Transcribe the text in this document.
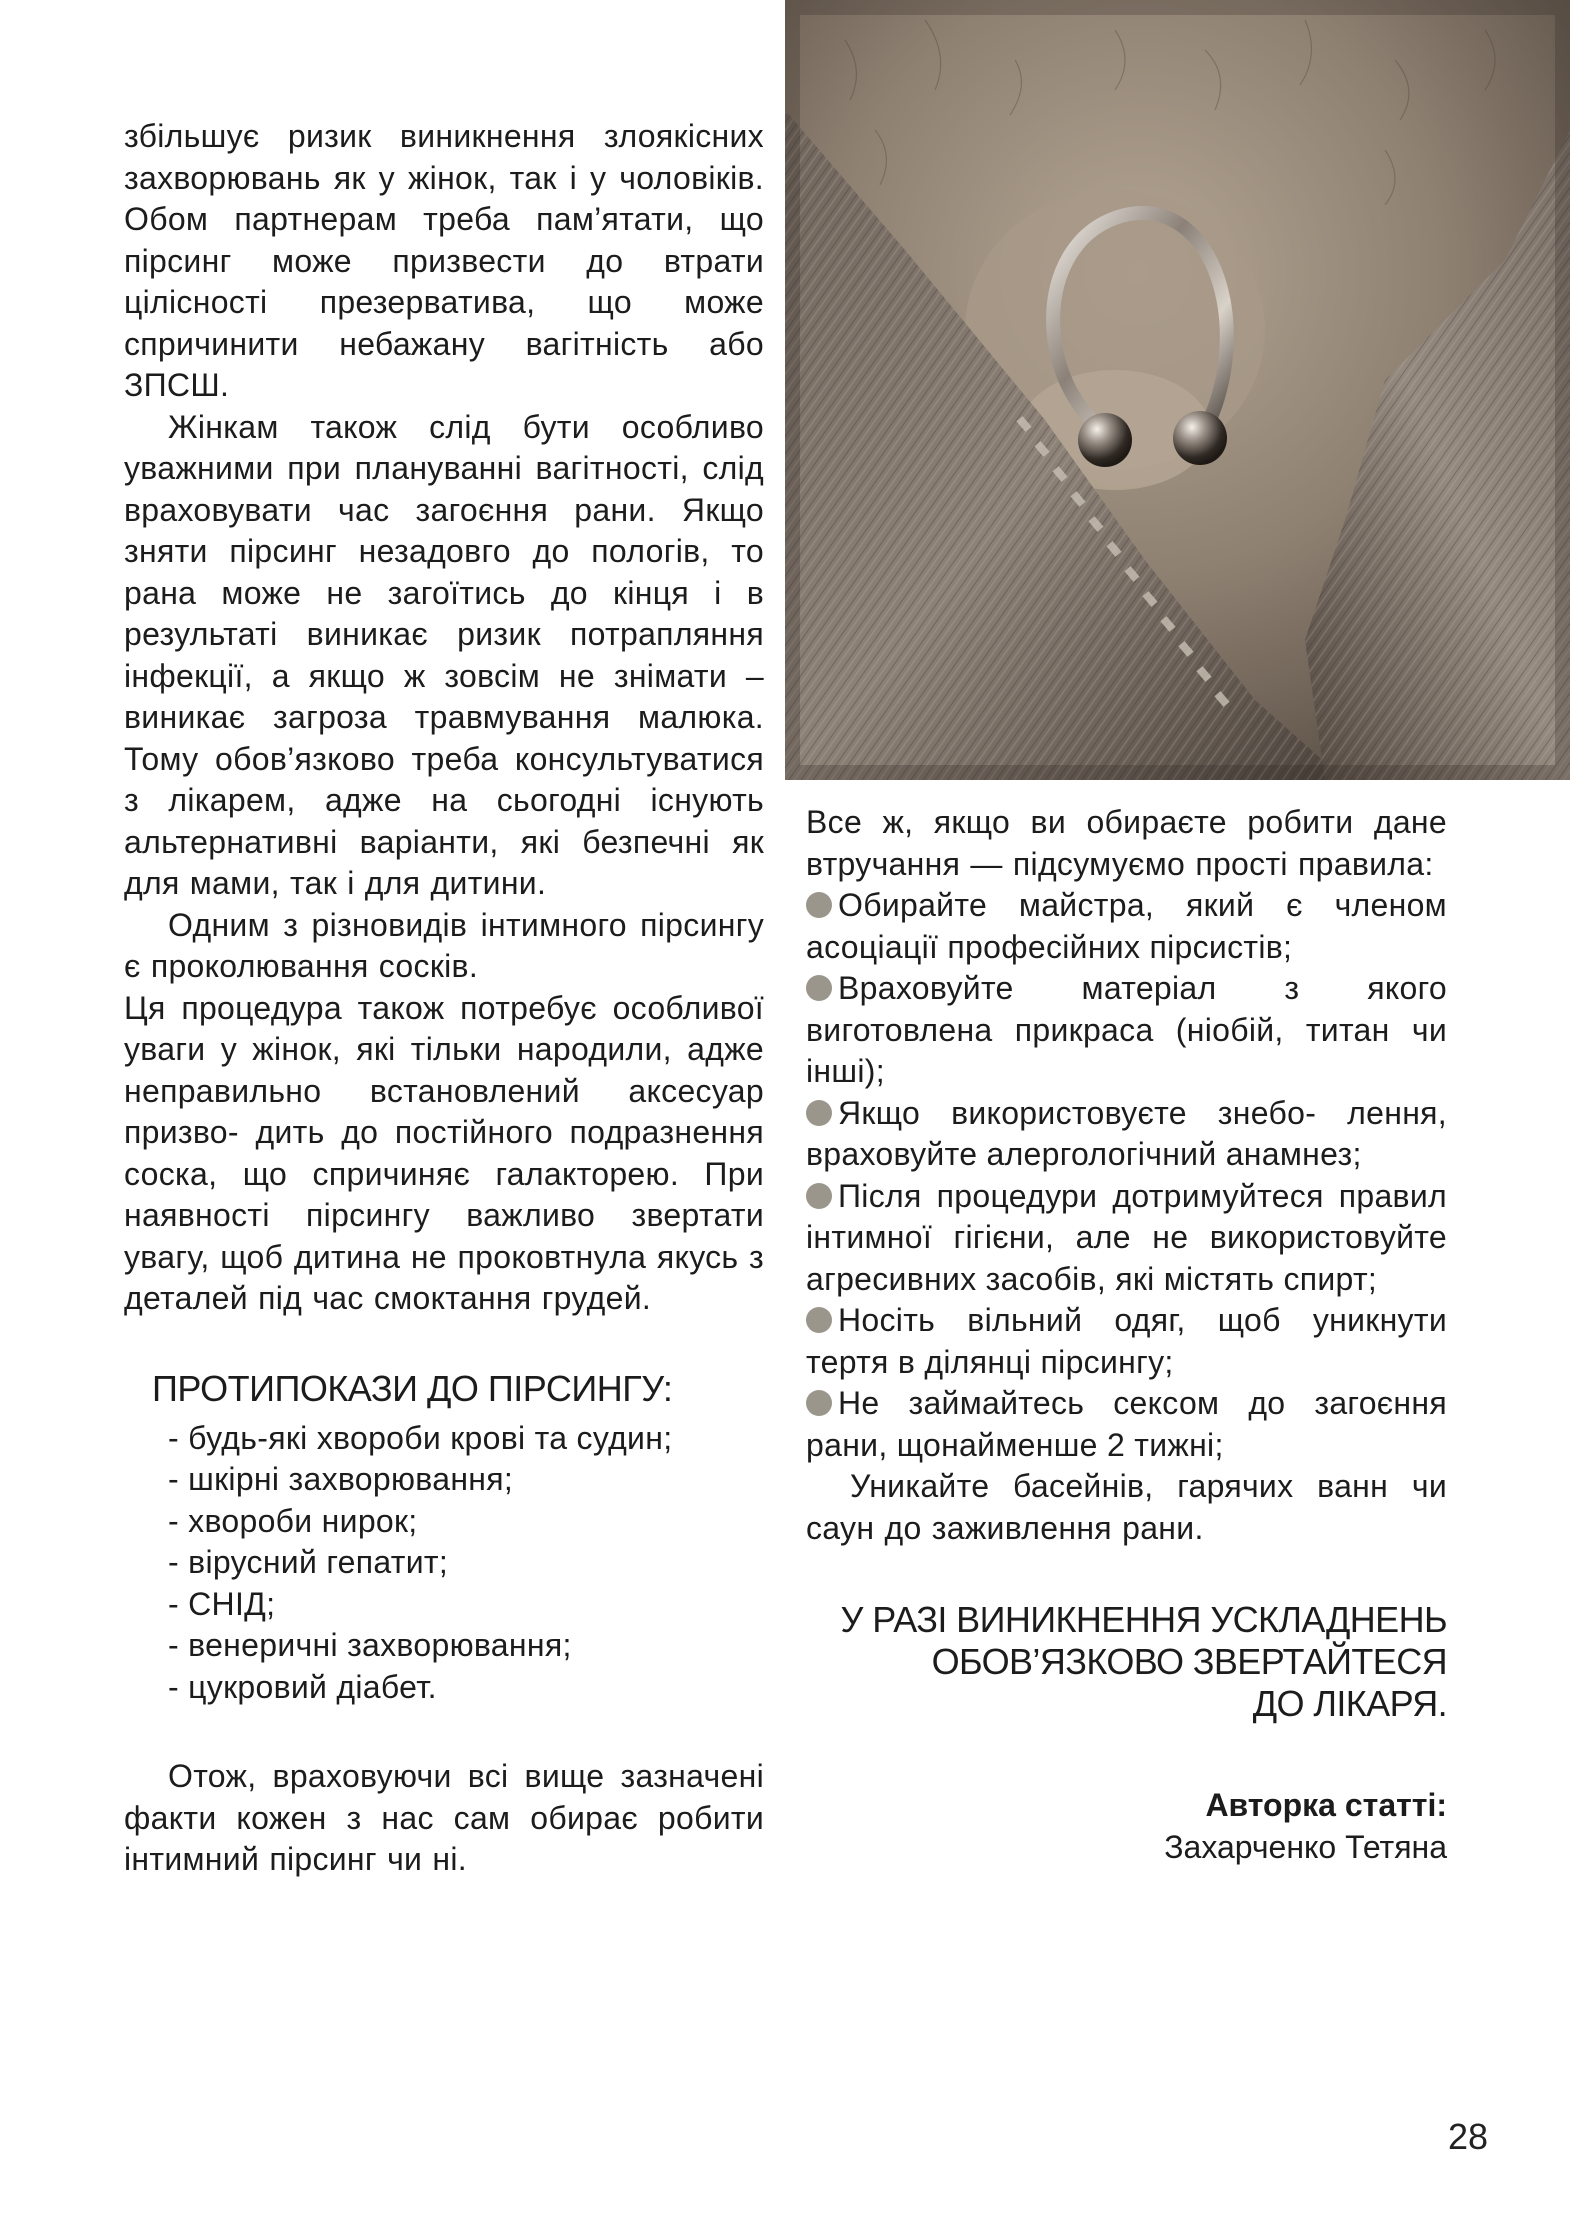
збільшує ризик виникнення злоякісних захворювань як у жінок, так і у чоловіків. Обом партнерам треба пам’ятати, що пірсинг може призвести до втрати цілісності презерватива, що може спричинити небажану вагітність або ЗПСШ.

Жінкам також слід бути особливо уважними при плануванні вагітності, слід враховувати час загоєння рани. Якщо зняти пірсинг незадовго до пологів, то рана може не загоїтись до кінця і в результаті виникає ризик потрапляння інфекції, а якщо ж зовсім не знімати – виникає загроза травмування малюка. Тому обов’язково треба консультуватися з лікарем, адже на сьогодні існують альтернативні варіанти, які безпечні як для мами, так і для дитини.

Одним з різновидів інтимного пірсингу є проколювання сосків.

Ця процедура також потребує особливої уваги у жінок, які тільки народили, адже неправильно встановлений аксесуар призво- дить до постійного подразнення соска, що спричиняє галакторею. При наявності пірсингу важливо звертати увагу, щоб дитина не проковтнула якусь з деталей під час смоктання грудей.

ПРОТИПОКАЗИ ДО ПІРСИНГУ:
- будь-які хвороби крові та судин;
- шкірні захворювання;
- хвороби нирок;
- вірусний гепатит;
- СНІД;
- венеричні захворювання;
- цукровий діабет.

Отож, враховуючи всі вище зазначені факти кожен з нас сам обирає робити інтимний пірсинг чи ні.

Все ж, якщо ви обираєте робити дане втручання — підсумуємо прості правила:

Обирайте майстра, який є членом асоціації професійних пірсистів;

Враховуйте матеріал з якого виготовлена прикраса (ніобій, титан чи інші);

Якщо використовуєте знебо- лення, враховуйте алергологічний анамнез;

Після процедури дотримуйтеся правил інтимної гігієни, але не використовуйте агресивних засобів, які містять спирт;

Носіть вільний одяг, щоб уникнути тертя в ділянці пірсингу;

Не займайтесь сексом до загоєння рани, щонайменше 2 тижні;

Уникайте басейнів, гарячих ванн чи саун до заживлення рани.

У РАЗІ ВИНИКНЕННЯ УСКЛАДНЕНЬ
ОБОВ’ЯЗКОВО ЗВЕРТАЙТЕСЯ
ДО ЛІКАРЯ.
Авторка статті:
Захарченко Тетяна
28
